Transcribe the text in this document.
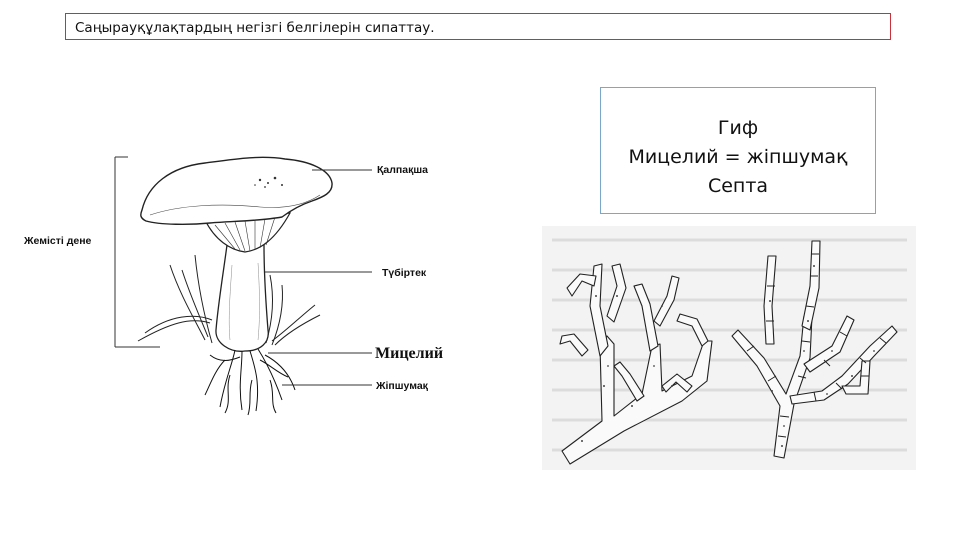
Саңырауқұлақтардың негізгі белгілерін сипаттау.
Гиф
Мицелий = жіпшумақ
Септа
Жемісті дене
Қалпақша
Түбіртек
Мицелий
Жіпшумақ
